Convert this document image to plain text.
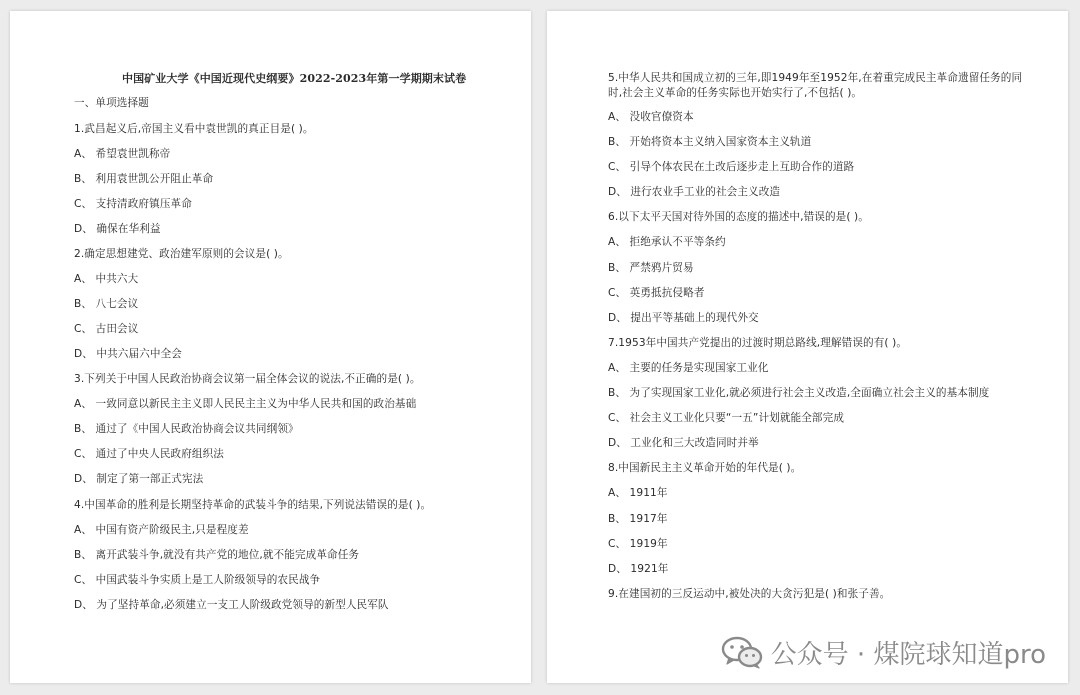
中国矿业大学《中国近现代史纲要》2022-2023年第一学期期末试卷
一、单项选择题
1.武昌起义后,帝国主义看中袁世凯的真正目是( )。
A、 希望袁世凯称帝
B、 利用袁世凯公开阻止革命
C、 支持清政府镇压革命
D、 确保在华利益
2.确定思想建党、政治建军原则的会议是( )。
A、 中共六大
B、 八七会议
C、 古田会议
D、 中共六届六中全会
3.下列关于中国人民政治协商会议第一届全体会议的说法,不正确的是( )。
A、 一致同意以新民主主义即人民民主主义为中华人民共和国的政治基础
B、 通过了《中国人民政治协商会议共同纲领》
C、 通过了中央人民政府组织法
D、 制定了第一部正式宪法
4.中国革命的胜利是长期坚持革命的武装斗争的结果,下列说法错误的是( )。
A、 中国有资产阶级民主,只是程度差
B、 离开武装斗争,就没有共产党的地位,就不能完成革命任务
C、 中国武装斗争实质上是工人阶级领导的农民战争
D、 为了坚持革命,必须建立一支工人阶级政党领导的新型人民军队
5.中华人民共和国成立初的三年,即1949年至1952年,在着重完成民主革命遗留任务的同
时,社会主义革命的任务实际也开始实行了,不包括( )。
A、 没收官僚资本
B、 开始将资本主义纳入国家资本主义轨道
C、 引导个体农民在土改后逐步走上互助合作的道路
D、 进行农业手工业的社会主义改造
6.以下太平天国对待外国的态度的描述中,错误的是( )。
A、 拒绝承认不平等条约
B、 严禁鸦片贸易
C、 英勇抵抗侵略者
D、 提出平等基础上的现代外交
7.1953年中国共产党提出的过渡时期总路线,理解错误的有( )。
A、 主要的任务是实现国家工业化
B、 为了实现国家工业化,就必须进行社会主义改造,全面确立社会主义的基本制度
C、 社会主义工业化只要“一五”计划就能全部完成
D、 工业化和三大改造同时并举
8.中国新民主主义革命开始的年代是( )。
A、 1911年
B、 1917年
C、 1919年
D、 1921年
9.在建国初的三反运动中,被处决的大贪污犯是( )和张子善。
公众号 · 煤院球知道pro
